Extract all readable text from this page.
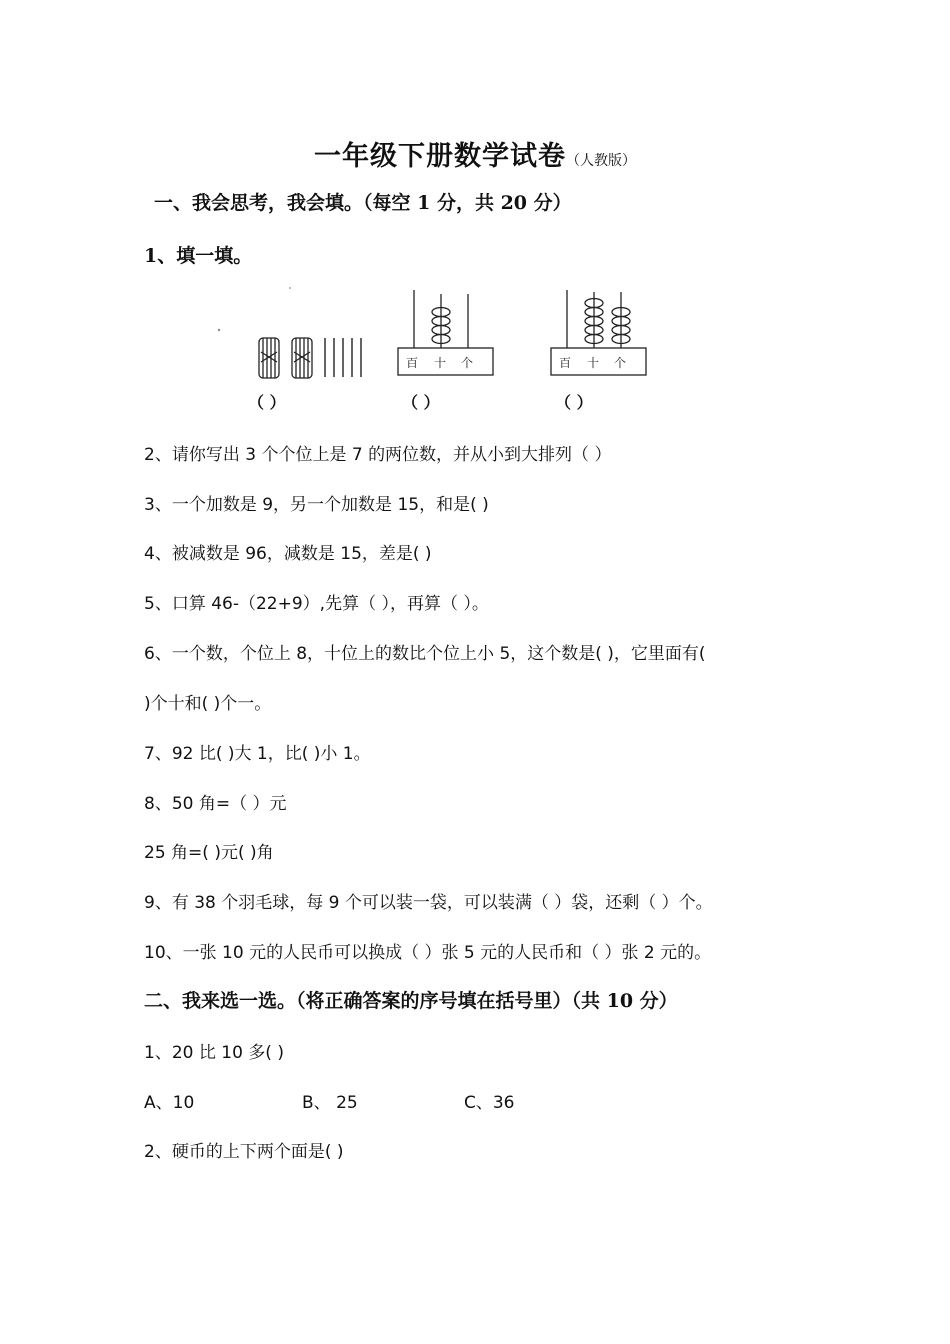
一年级下册数学试卷（人教版）
一、我会思考，我会填。（每空 1 分，共 20 分）
1、填一填。
百 十 个	百 十 个
（ ）	（ ）	（ ）
2、请你写出 3 个个位上是 7 的两位数，并从小到大排列（ ）
3、一个加数是 9，另一个加数是 15，和是( )
4、被减数是 96，减数是 15，差是( )
5、口算 46-（22+9）,先算（ ），再算（ ）。
6、一个数，个位上 8，十位上的数比个位上小 5，这个数是( )，它里面有(
)个十和( )个一。
7、92 比( )大 1，比( )小 1。
8、50 角=（ ）元
25 角=( )元( )角
9、有 38 个羽毛球，每 9 个可以装一袋，可以装满（ ）袋，还剩（ ）个。
10、一张 10 元的人民币可以换成（ ）张 5 元的人民币和（ ）张 2 元的。
二、我来选一选。（将正确答案的序号填在括号里）（共 10 分）
1、20 比 10 多( )
A、10	B、 25	C、36
2、硬币的上下两个面是( )
